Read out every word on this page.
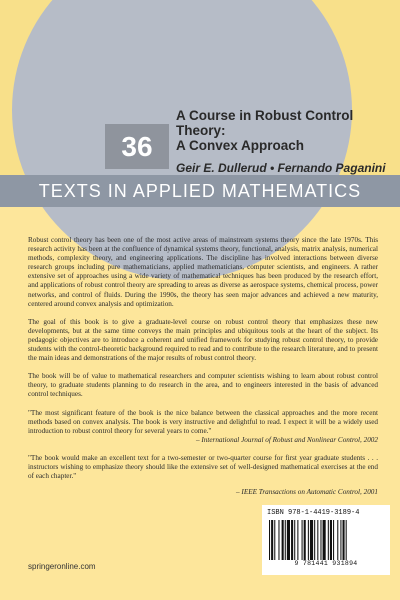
36
A Course in Robust Control Theory:
A Convex Approach
Geir E. Dullerud • Fernando Paganini
TEXTS IN APPLIED MATHEMATICS
Robust control theory has been one of the most active areas of mainstream systems theory since the late 1970s. This research activity has been at the confluence of dynamical systems theory, functional, analysis, matrix analysis, numerical methods, complexity theory, and engineering applications. The discipline has involved interactions between diverse research groups including pure mathematicians, applied mathematicians, computer scientists, and engineers. A rather extensive set of approaches using a wide variety of mathematical techniques has been produced by the research effort, and applications of robust control theory are spreading to areas as diverse as aerospace systems, chemical process, power networks, and control of fluids. During the 1990s, the theory has seen major advances and achieved a new maturity, centered around convex analysis and optimization.
The goal of this book is to give a graduate-level course on robust control theory that emphasizes these new developments, but at the same time conveys the main principles and ubiquitous tools at the heart of the subject. Its pedagogic objectives are to introduce a coherent and unified framework for studying robust control theory, to provide students with the control-theoretic background required to read and to contribute to the research literature, and to present the main ideas and demonstrations of the major results of robust control theory.
The book will be of value to mathematical researchers and computer scientists wishing to learn about robust control theory, to graduate students planning to do research in the area, and to engineers interested in the basis of advanced control techniques.
"The most significant feature of the book is the nice balance between the classical approaches and the more recent methods based on convex analysis. The book is very instructive and delightful to read. I expect it will be a widely used introduction to robust control theory for several years to come."
– International Journal of Robust and Nonlinear Control, 2002
"The book would make an excellent text for a two-semester or two-quarter course for first year graduate students . . . instructors wishing to emphasize theory should like the extensive set of well-designed mathematical exercises at the end of each chapter."
– IEEE Transactions on Automatic Control, 2001
ISBN 978-1-4419-3189-4
9 781441 931894
springeronline.com
